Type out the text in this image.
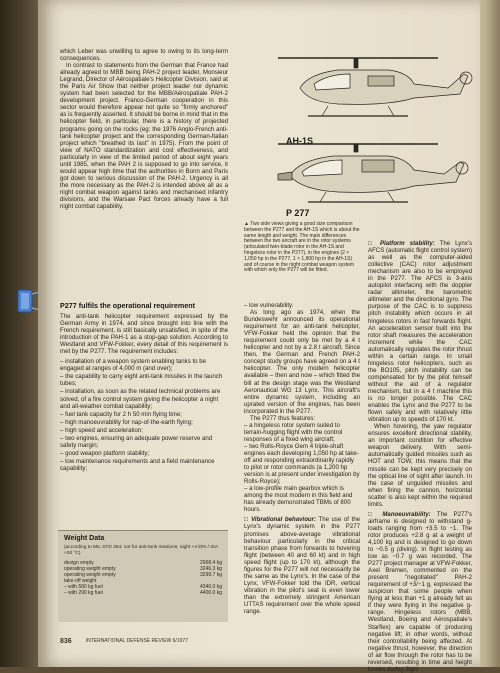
which Leber was unwilling to agree to owing to its long-term consequences.

In contrast to statements from the German that France had already agreed to MBB being PAH-2 project leader, Monsieur Legrand, Director of Aérospatiale's Helicopter Division, said at the Paris Air Show that neither project leader nor dynamic system had been selected for the MBB/Aérospatiale PAH-2 development project. Franco-German cooperation in this sector would therefore appear not quite so "firmly anchored" as is frequently asserted. It should be borne in mind that in the helicopter field, in particular, there is a history of projected programs going on the rocks (eg: the 1976 Anglo-French anti-tank helicopter project and the corresponding German-Italian project which "breathed its last" in 1975). From the point of view of NATO standardization and cost effectiveness, and particularly in view of the limited period of about eight years until 1985, when the PAH 2 is supposed to go into service, it would appear high time that the authorities in Bonn and Paris got down to serious discussion of the PAH-2. Urgency is all the more necessary as the PAH-2 is intended above all as a night combat weapon against tanks and mechanised infantry divisions, and the Warsaw Pact forces already have a full night combat capability.

P277 fulfils the operational requirement

The anti-tank helicopter requirement expressed by the German Army in 1974, and since brought into line with the French requirement, is still basically unsatisfied, in spite of the introduction of the PAH-1 as a stop-gap solution. According to Westland and VFW-Fokker, every detail of this requirement is met by the P277. The requirement includes:

– installation of a weapon system enabling tanks to be engaged at ranges of 4,000 m (and over);
– the capability to carry eight anti-tank missiles in the launch tubes;
– installation, as soon as the related technical problems are solved, of a fire control system giving the helicopter a night and all-weather combat capability;
– fuel tank capacity for 2 h 50 min flying time;
– high manoeuvrability for nap-of-the-earth flying;
– high speed and acceleration;
– two engines, ensuring an adequate power reserve and safety margin;
– good weapon platform stability;
– low maintenance requirements and a field maintenance capability;
AH-1S
P 277
▲ Two side views giving a good size comparison between the P277 and the AH-1S which is about the same length and weight. The main differences between the two aircraft are in the rotor systems (articulated twin-blade rotor in the AH-1S and hingeless rotor in the P277), in the engines (2 × 1,050 hp in the P277, 1 × 1,800 hp in the AH-1S) and of course in the night combat weapon system with which only the P277 will be fitted.

– low vulnerability.

As long ago as 1974, when the Bundeswehr announced its operational requirement for an anti-tank helicopter, VFW-Fokker held the opinion that the requirement could only be met by a 4 t helicopter and not by a 2.8 t aircraft. Since then, the German and French PAH-2 concept study groups have agreed on a 4 t helicopter. The only modern helicopter available – then and now – which fitted the bill at the design stage was the Westland Aeronautical WG 13 Lynx. This aircraft's entire dynamic system, including an uprated version of the engines, has been incorporated in the P277.

The P277 thus features:

– a hingeless rotor system suited to terrain-hugging flight with the control responses of a fixed wing aircraft;

– two Rolls-Royce Gem 4 triple-shaft engines each developing 1,050 hp at take-off and responding extraordinarily rapidly to pilot or rotor commands (a 1,200 hp version is at present under investigation by Rolls-Royce);

– a low-profile main gearbox which is among the most modern in this field and has already demonstrated TBMs of 800 hours.

□ Vibrational behaviour: The use of the Lynx's dynamic system in the P277 promises above-average vibrational behaviour particularly in the critical transition phase from forwards to hovering flight (between 40 and 60 kt) and in high speed flight (up to 170 kt), although the figures for the P277 will not necessarily be the same as the Lynx's. In the case of the Lynx, VFW-Fokker told the IDR, vertical vibration in the pilot's seat is even lower than the extremely stringent American UTTAS requirement over the whole speed range.

□ Platform stability: The Lynx's AFCS (automatic flight control system) as well as the computer-aided collective (CAC) rotor adjustment mechanism are also to be employed in the P277. The AFCS is 3-axis autopilot interfacing with the doppler radar altimeter, the barometric altimeter and the directional gyro. The purpose of the CAC is to suppress pitch instability which occurs in all hingeless rotors in fast forwards flight. An acceleration sensor built into the rotor shaft measures the acceleration increment while the CAC automatically regulates the rotor thrust within a certain range. In small hingeless rotor helicopters, such as the BO105, pitch instability can be compensated for by the pilot himself without the aid of a regulator mechanism, but in a 4 t machine this is no longer possible. The CAC enables the Lynx and the P277 to be flown safely and with relatively little vibration up to speeds of 170 kt.

When hovering, the yaw regulator ensures excellent directional stability, an important condition for effective weapon delivery. With semi-automatically guided missiles such as HOT and TOW, this means that the missile can be kept very precisely on the optical line of sight after launch. In the case of unguided missiles and when firing the cannon, horizontal scatter is also kept within the required limits.

□ Manoeuvrability: The P277's airframe is designed to withstand g-loads ranging from +3.5 to −1. The rotor produces +2.8 g at a weight of 4,100 kg and is designed to go down to −0.5 g (diving). In flight testing as low as −0.7 g was recorded. The P277 project manager at VFW-Fokker, Axel Bremen, commented on the present "negotiated" PAH-2 requirement of +3/−1 g, expressed the suspicion that some people when flying at less than +1 g already felt as if they were flying in the negative g-range. Hingeless rotors (MBB, Westland, Boeing and Aérospatiale's Starflex) are capable of producing negative lift; in other words, without their controllability being affected. At negative thrust, however, the direction of air flow through the rotor has to be reversed, resulting in time and height losses during flight

Weight Data
(according to MIL STD 254; not for anti-tank missions; night +4 kt% / ISA +20 °C)
design empty	2968.4 kg
operating weight empty	3246.3 kg
operating weight empty	3299.7 kg
take-off weight
– with 580 kg fuel	4340.0 kg
– with 290 kg fuel	4400.0 kg
836	INTERNATIONAL DEFENSE REVIEW 6/1977
